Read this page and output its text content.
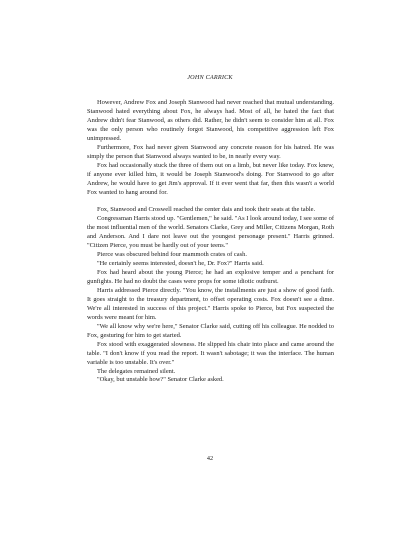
JOHN CARRICK

However, Andrew Fox and Joseph Stanwood had never reached that mutual understanding. Stanwood hated everything about Fox, he always had. Most of all, he hated the fact that Andrew didn't fear Stanwood, as others did. Rather, he didn't seem to consider him at all. Fox was the only person who routinely forgot Stanwood, his competitive aggression left Fox unimpressed.

Furthermore, Fox had never given Stanwood any concrete reason for his hatred. He was simply the person that Stanwood always wanted to be, in nearly every way.

Fox had occasionally stuck the three of them out on a limb, but never like today. Fox knew, if anyone ever killed him, it would be Joseph Stanwood's doing. For Stanwood to go after Andrew, he would have to get Jim's approval. If it ever went that far, then this wasn't a world Fox wanted to hang around for.

Fox, Stanwood and Croswell reached the center dais and took their seats at the table.

Congressman Harris stood up. "Gentlemen," he said. "As I look around today, I see some of the most influential men of the world. Senators Clarke, Grey and Miller, Citizens Morgan, Roth and Anderson. And I dare not leave out the youngest personage present." Harris grinned. "Citizen Pierce, you must be hardly out of your teens."

Pierce was obscured behind four mammoth crates of cash.

"He certainly seems interested, doesn't he, Dr. Fox?" Harris said.

Fox had heard about the young Pierce; he had an explosive temper and a penchant for gunfights. He had no doubt the cases were props for some idiotic outburst.

Harris addressed Pierce directly. "You know, the installments are just a show of good faith. It goes straight to the treasury department, to offset operating costs. Fox doesn't see a dime. We're all interested in success of this project." Harris spoke to Pierce, but Fox suspected the words were meant for him.

"We all know why we're here," Senator Clarke said, cutting off his colleague. He nodded to Fox, gesturing for him to get started.

Fox stood with exaggerated slowness. He slipped his chair into place and came around the table. "I don't know if you read the report. It wasn't sabotage; it was the interface. The human variable is too unstable. It's over."

The delegates remained silent.

"Okay, but unstable how?" Senator Clarke asked.

42
